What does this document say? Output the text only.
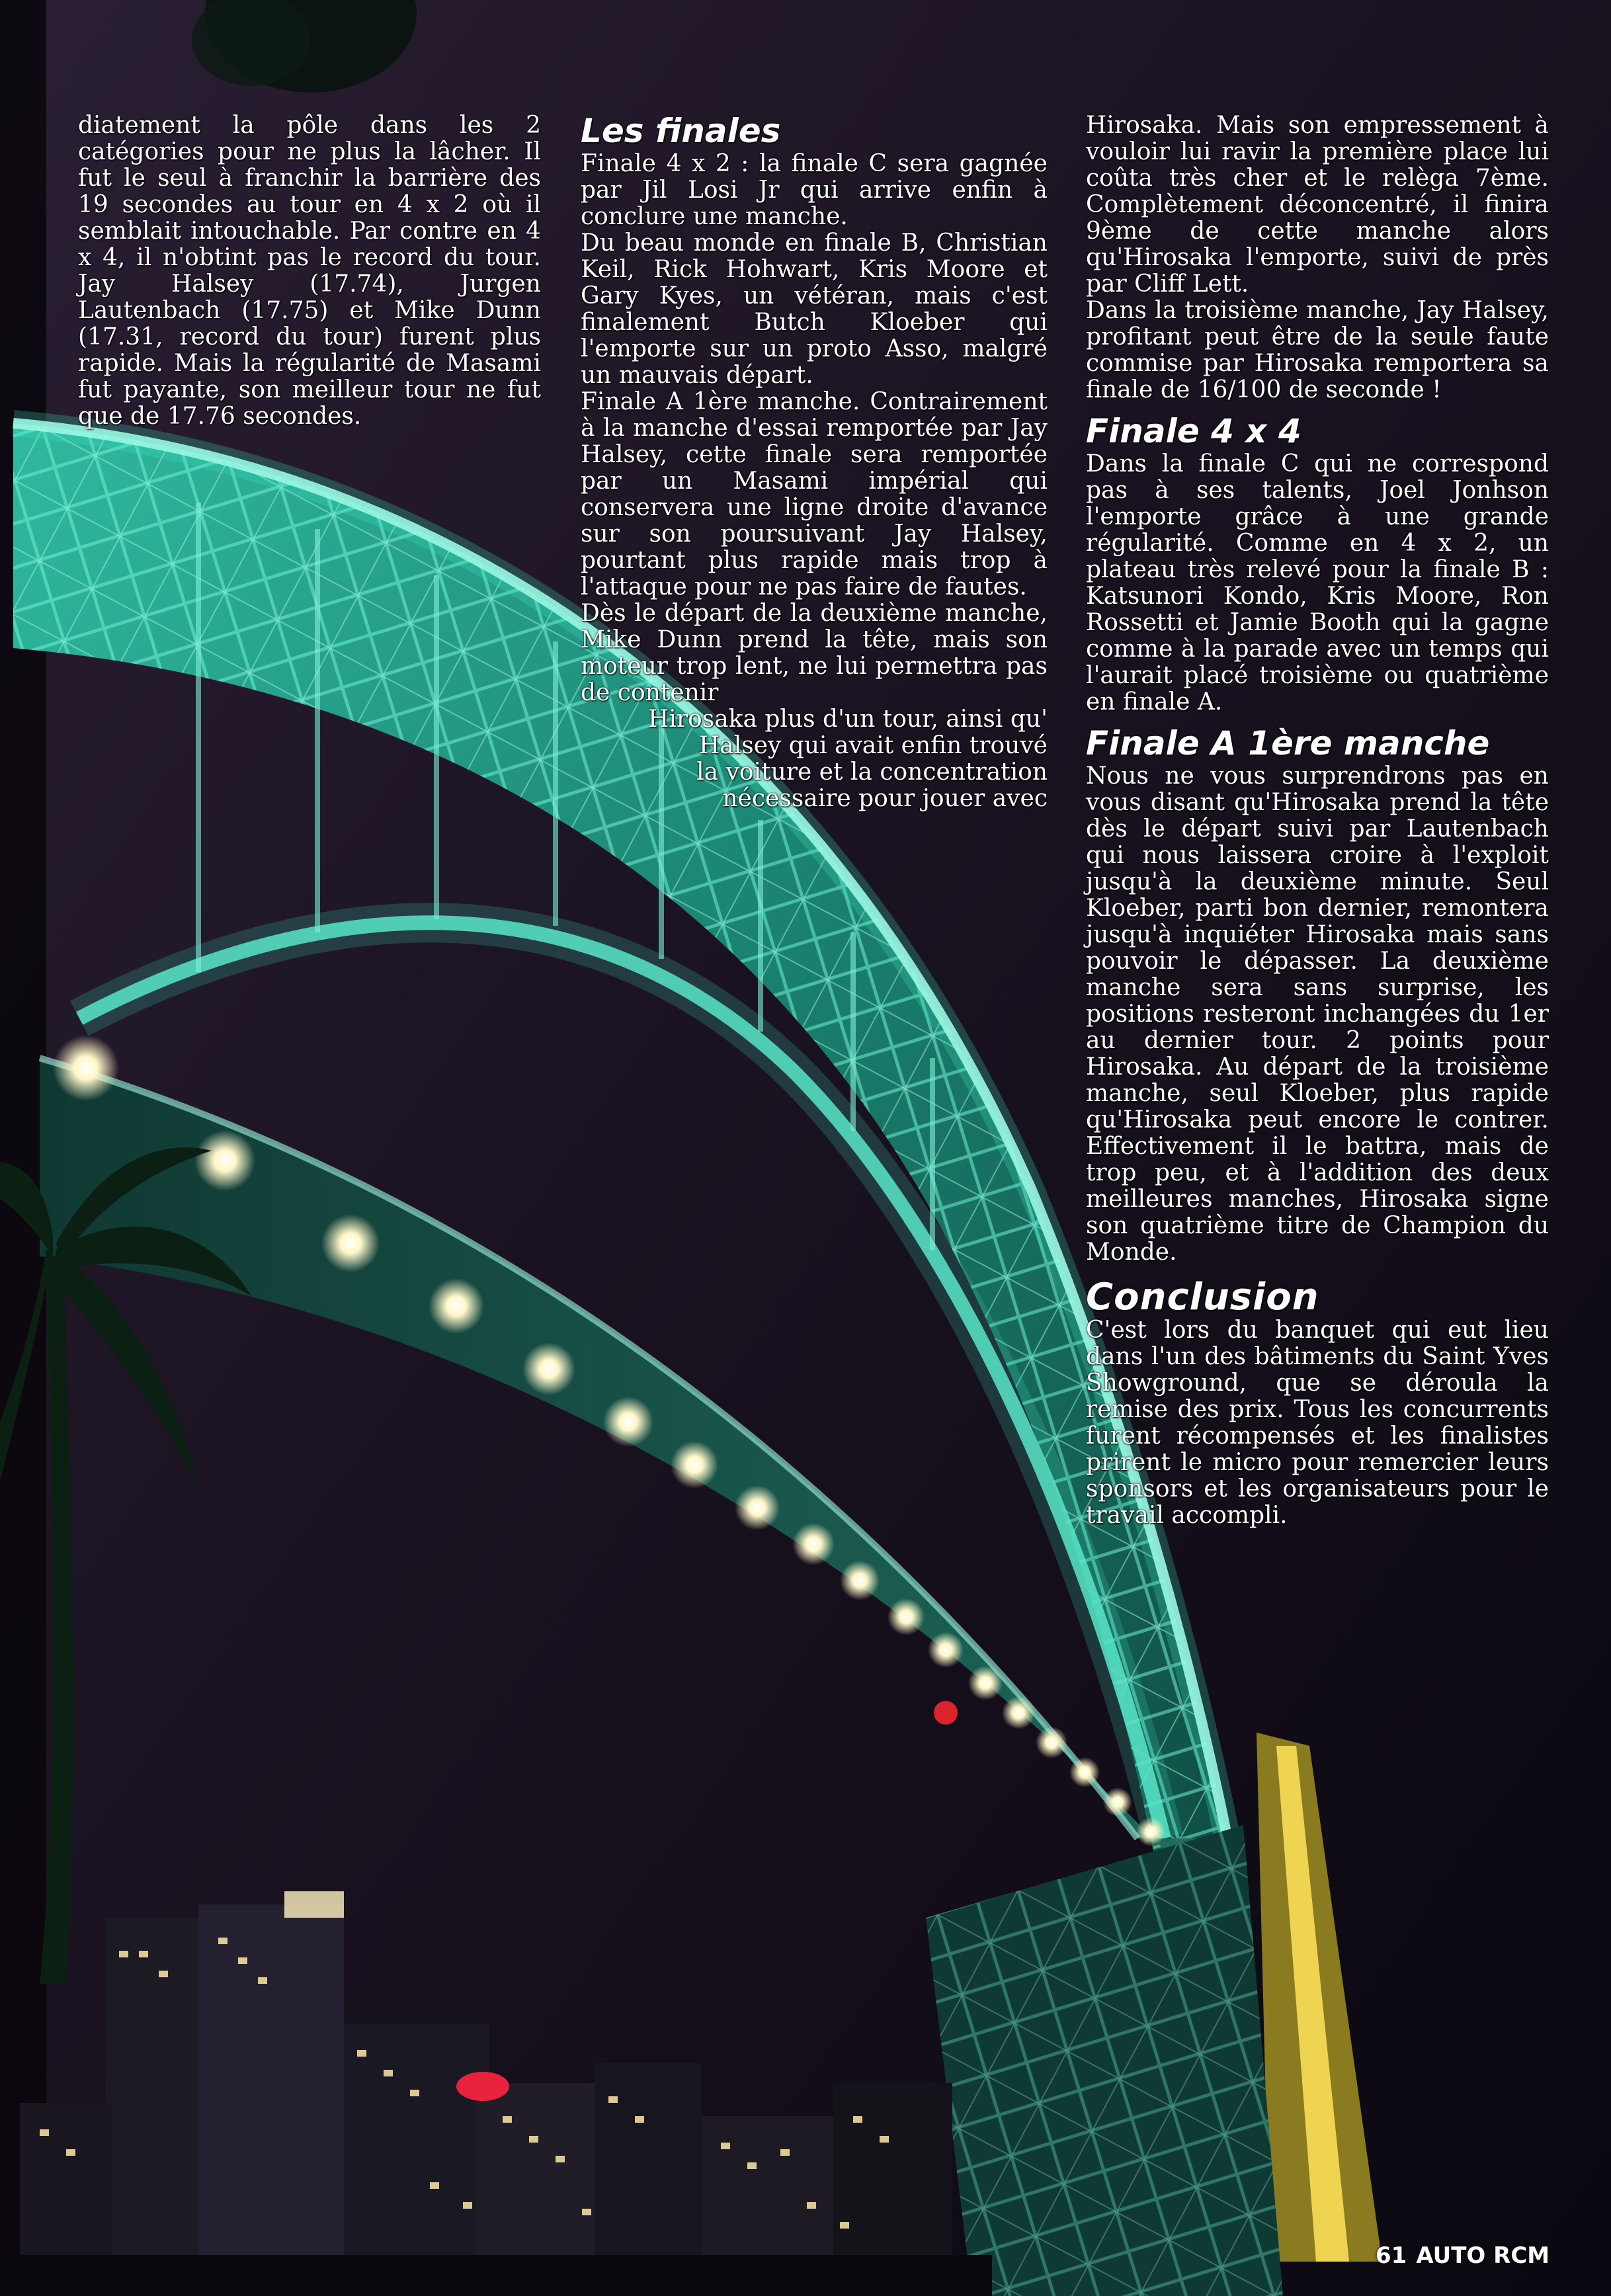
diatement la pôle dans les 2 catégories pour ne plus la lâcher. Il fut le seul à franchir la barrière des 19 secondes au tour en 4 x 2 où il semblait intouchable. Par contre en 4 x 4, il n'obtint pas le record du tour. Jay Halsey (17.74), Jurgen Lautenbach (17.75) et Mike Dunn (17.31, record du tour) furent plus rapide. Mais la régularité de Masami fut payante, son meilleur tour ne fut que de 17.76 secondes.

Les finales

Finale 4 x 2 : la finale C sera gagnée par Jil Losi Jr qui arrive enfin à conclure une manche.

Du beau monde en finale B, Christian Keil, Rick Hohwart, Kris Moore et Gary Kyes, un vétéran, mais c'est finalement Butch Kloeber qui l'emporte sur un proto Asso, malgré un mauvais départ.

Finale A 1ère manche. Contrairement à la manche d'essai remportée par Jay Halsey, cette finale sera remportée par un Masami impérial qui conservera une ligne droite d'avance sur son poursuivant Jay Halsey, pourtant plus rapide mais trop à l'attaque pour ne pas faire de fautes.

Dès le départ de la deuxième manche, Mike Dunn prend la tête, mais son moteur trop lent, ne lui permettra pas de contenir

Hirosaka plus d'un tour, ainsi qu'
Halsey qui avait enfin trouvé
la voiture et la concentration
nécessaire pour jouer avec

Hirosaka. Mais son empressement à vouloir lui ravir la première place lui coûta très cher et le relèga 7ème. Complètement déconcentré, il finira 9ème de cette manche alors qu'Hirosaka l'emporte, suivi de près par Cliff Lett.

Dans la troisième manche, Jay Halsey, profitant peut être de la seule faute commise par Hirosaka remportera sa finale de 16/100 de seconde !

Finale 4 x 4

Dans la finale C qui ne correspond pas à ses talents, Joel Jonhson l'emporte grâce à une grande régularité. Comme en 4 x 2, un plateau très relevé pour la finale B : Katsunori Kondo, Kris Moore, Ron Rossetti et Jamie Booth qui la gagne comme à la parade avec un temps qui l'aurait placé troisième ou quatrième en finale A.

Finale A 1ère manche

Nous ne vous surprendrons pas en vous disant qu'Hirosaka prend la tête dès le départ suivi par Lautenbach qui nous laissera croire à l'exploit jusqu'à la deuxième minute. Seul Kloeber, parti bon dernier, remontera jusqu'à inquiéter Hirosaka mais sans pouvoir le dépasser. La deuxième manche sera sans surprise, les positions resteront inchangées du 1er au dernier tour. 2 points pour Hirosaka. Au départ de la troisième manche, seul Kloeber, plus rapide qu'Hirosaka peut encore le contrer. Effectivement il le battra, mais de trop peu, et à l'addition des deux meilleures manches, Hirosaka signe son quatrième titre de Champion du Monde.

Conclusion

C'est lors du banquet qui eut lieu dans l'un des bâtiments du Saint Yves Showground, que se déroula la remise des prix. Tous les concurrents furent récompensés et les finalistes prirent le micro pour remercier leurs sponsors et les organisateurs pour le travail accompli.

61 AUTO RCM
